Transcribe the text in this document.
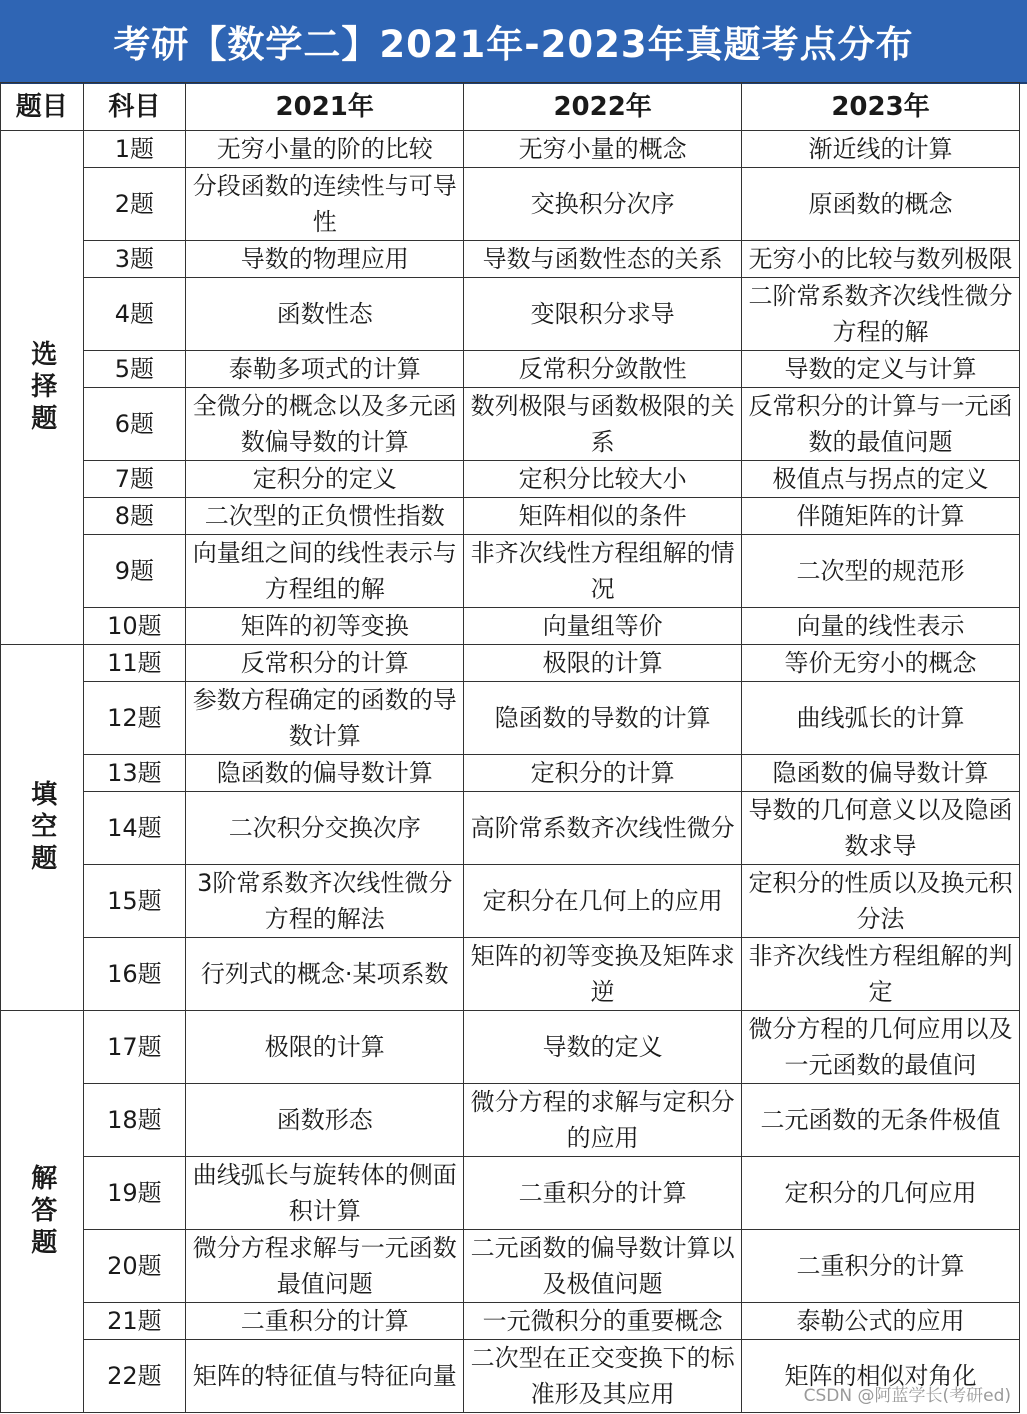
考研【数学二】2021年-2023年真题考点分布
题目	科目	2021年	2022年	2023年
选择题	1题	无穷小量的阶的比较	无穷小量的概念	渐近线的计算
	2题	分段函数的连续性与可导性	交换积分次序	原函数的概念
	3题	导数的物理应用	导数与函数性态的关系	无穷小的比较与数列极限
	4题	函数性态	变限积分求导	二阶常系数齐次线性微分方程的解
	5题	泰勒多项式的计算	反常积分敛散性	导数的定义与计算
	6题	全微分的概念以及多元函数偏导数的计算	数列极限与函数极限的关系	反常积分的计算与一元函数的最值问题
	7题	定积分的定义	定积分比较大小	极值点与拐点的定义
	8题	二次型的正负惯性指数	矩阵相似的条件	伴随矩阵的计算
	9题	向量组之间的线性表示与方程组的解	非齐次线性方程组解的情况	二次型的规范形
	10题	矩阵的初等变换	向量组等价	向量的线性表示
填空题	11题	反常积分的计算	极限的计算	等价无穷小的概念
	12题	参数方程确定的函数的导数计算	隐函数的导数的计算	曲线弧长的计算
	13题	隐函数的偏导数计算	定积分的计算	隐函数的偏导数计算
	14题	二次积分交换次序	高阶常系数齐次线性微分	导数的几何意义以及隐函数求导
	15题	3阶常系数齐次线性微分方程的解法	定积分在几何上的应用	定积分的性质以及换元积分法
	16题	行列式的概念·某项系数	矩阵的初等变换及矩阵求逆	非齐次线性方程组解的判定
解答题	17题	极限的计算	导数的定义	微分方程的几何应用以及一元函数的最值问
	18题	函数形态	微分方程的求解与定积分的应用	二元函数的无条件极值
	19题	曲线弧长与旋转体的侧面积计算	二重积分的计算	定积分的几何应用
	20题	微分方程求解与一元函数最值问题	二元函数的偏导数计算以及极值问题	二重积分的计算
	21题	二重积分的计算	一元微积分的重要概念	泰勒公式的应用
	22题	矩阵的特征值与特征向量	二次型在正交变换下的标准形及其应用	矩阵的相似对角化
CSDN @阿蓝学长(考研ed)
